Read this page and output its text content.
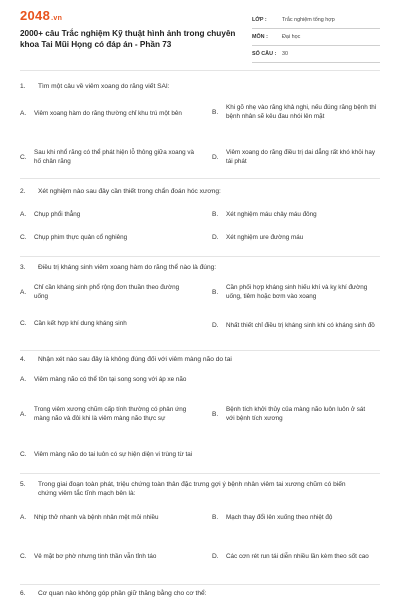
2048.vn
2000+ câu Trắc nghiệm Kỹ thuật hình ảnh trong chuyên khoa Tai Mũi Họng có đáp án - Phần 73
LỚP :	Trắc nghiệm tổng hợp
MÔN :	Đại học
SỐ CÂU :	30
1. Tìm một câu về viêm xoang do răng viết SAI:
A.	Viêm xoang hàm do răng thường chỉ khu trú một bên	B.
Khi gõ nhẹ vào răng khả nghi, nếu đúng răng bệnh thì bệnh nhân sẽ kêu đau nhói lên mặt
C.
Sau khi nhổ răng có thể phát hiện lỗ thông giữa xoang và hố chân răng
D.
Viêm xoang do răng điều trị dai dẳng rất khó khỏi hay tái phát
2. Xét nghiệm nào sau đây cần thiết trong chẩn đoán hóc xương:
A.	Chụp phổi thẳng	B.	Xét nghiệm máu chảy máu đông
C.	Chụp phim thực quản cổ nghiêng	D.	Xét nghiệm ure đường máu
3. Điều trị kháng sinh viêm xoang hàm do răng thể nào là đúng:
A.
Chỉ cần kháng sinh phổ rộng đơn thuần theo đường uống
B.
Cần phối hợp kháng sinh hiếu khí và kỵ khí đường uống, tiêm hoặc bơm vào xoang
C.	Cần kết hợp khí dung kháng sinh	D.	Nhất thiết chỉ điều trị kháng sinh khi có kháng sinh đồ
4. Nhận xét nào sau đây là không đúng đối với viêm màng não do tai
A.	Viêm màng não có thể tồn tại song song với áp xe não
A.
Trong viêm xương chũm cấp tính thường có phản ứng màng não và đôi khi là viêm màng não thực sự
B.
Bệnh tích khởi thủy của màng não luôn luôn ở sát với bệnh tích xương
C.	Viêm màng não do tai luôn có sự hiện diện vi trùng từ tai
5.	Trong giai đoạn toàn phát, triệu chứng toàn thân đặc trưng gợi ý bệnh nhân viêm tai xương chũm có biến chứng viêm tắc tĩnh mạch bên là:
A.	Nhịp thở nhanh và bệnh nhân mệt mỏi nhiều	B.	Mạch thay đổi lên xuống theo nhiệt độ
C.	Vẻ mặt bơ phờ nhưng tinh thần vẫn tỉnh táo	D.	Các cơn rét run tái diễn nhiều lần kèm theo sốt cao
6. Cơ quan nào không góp phần giữ thăng bằng cho cơ thể:
